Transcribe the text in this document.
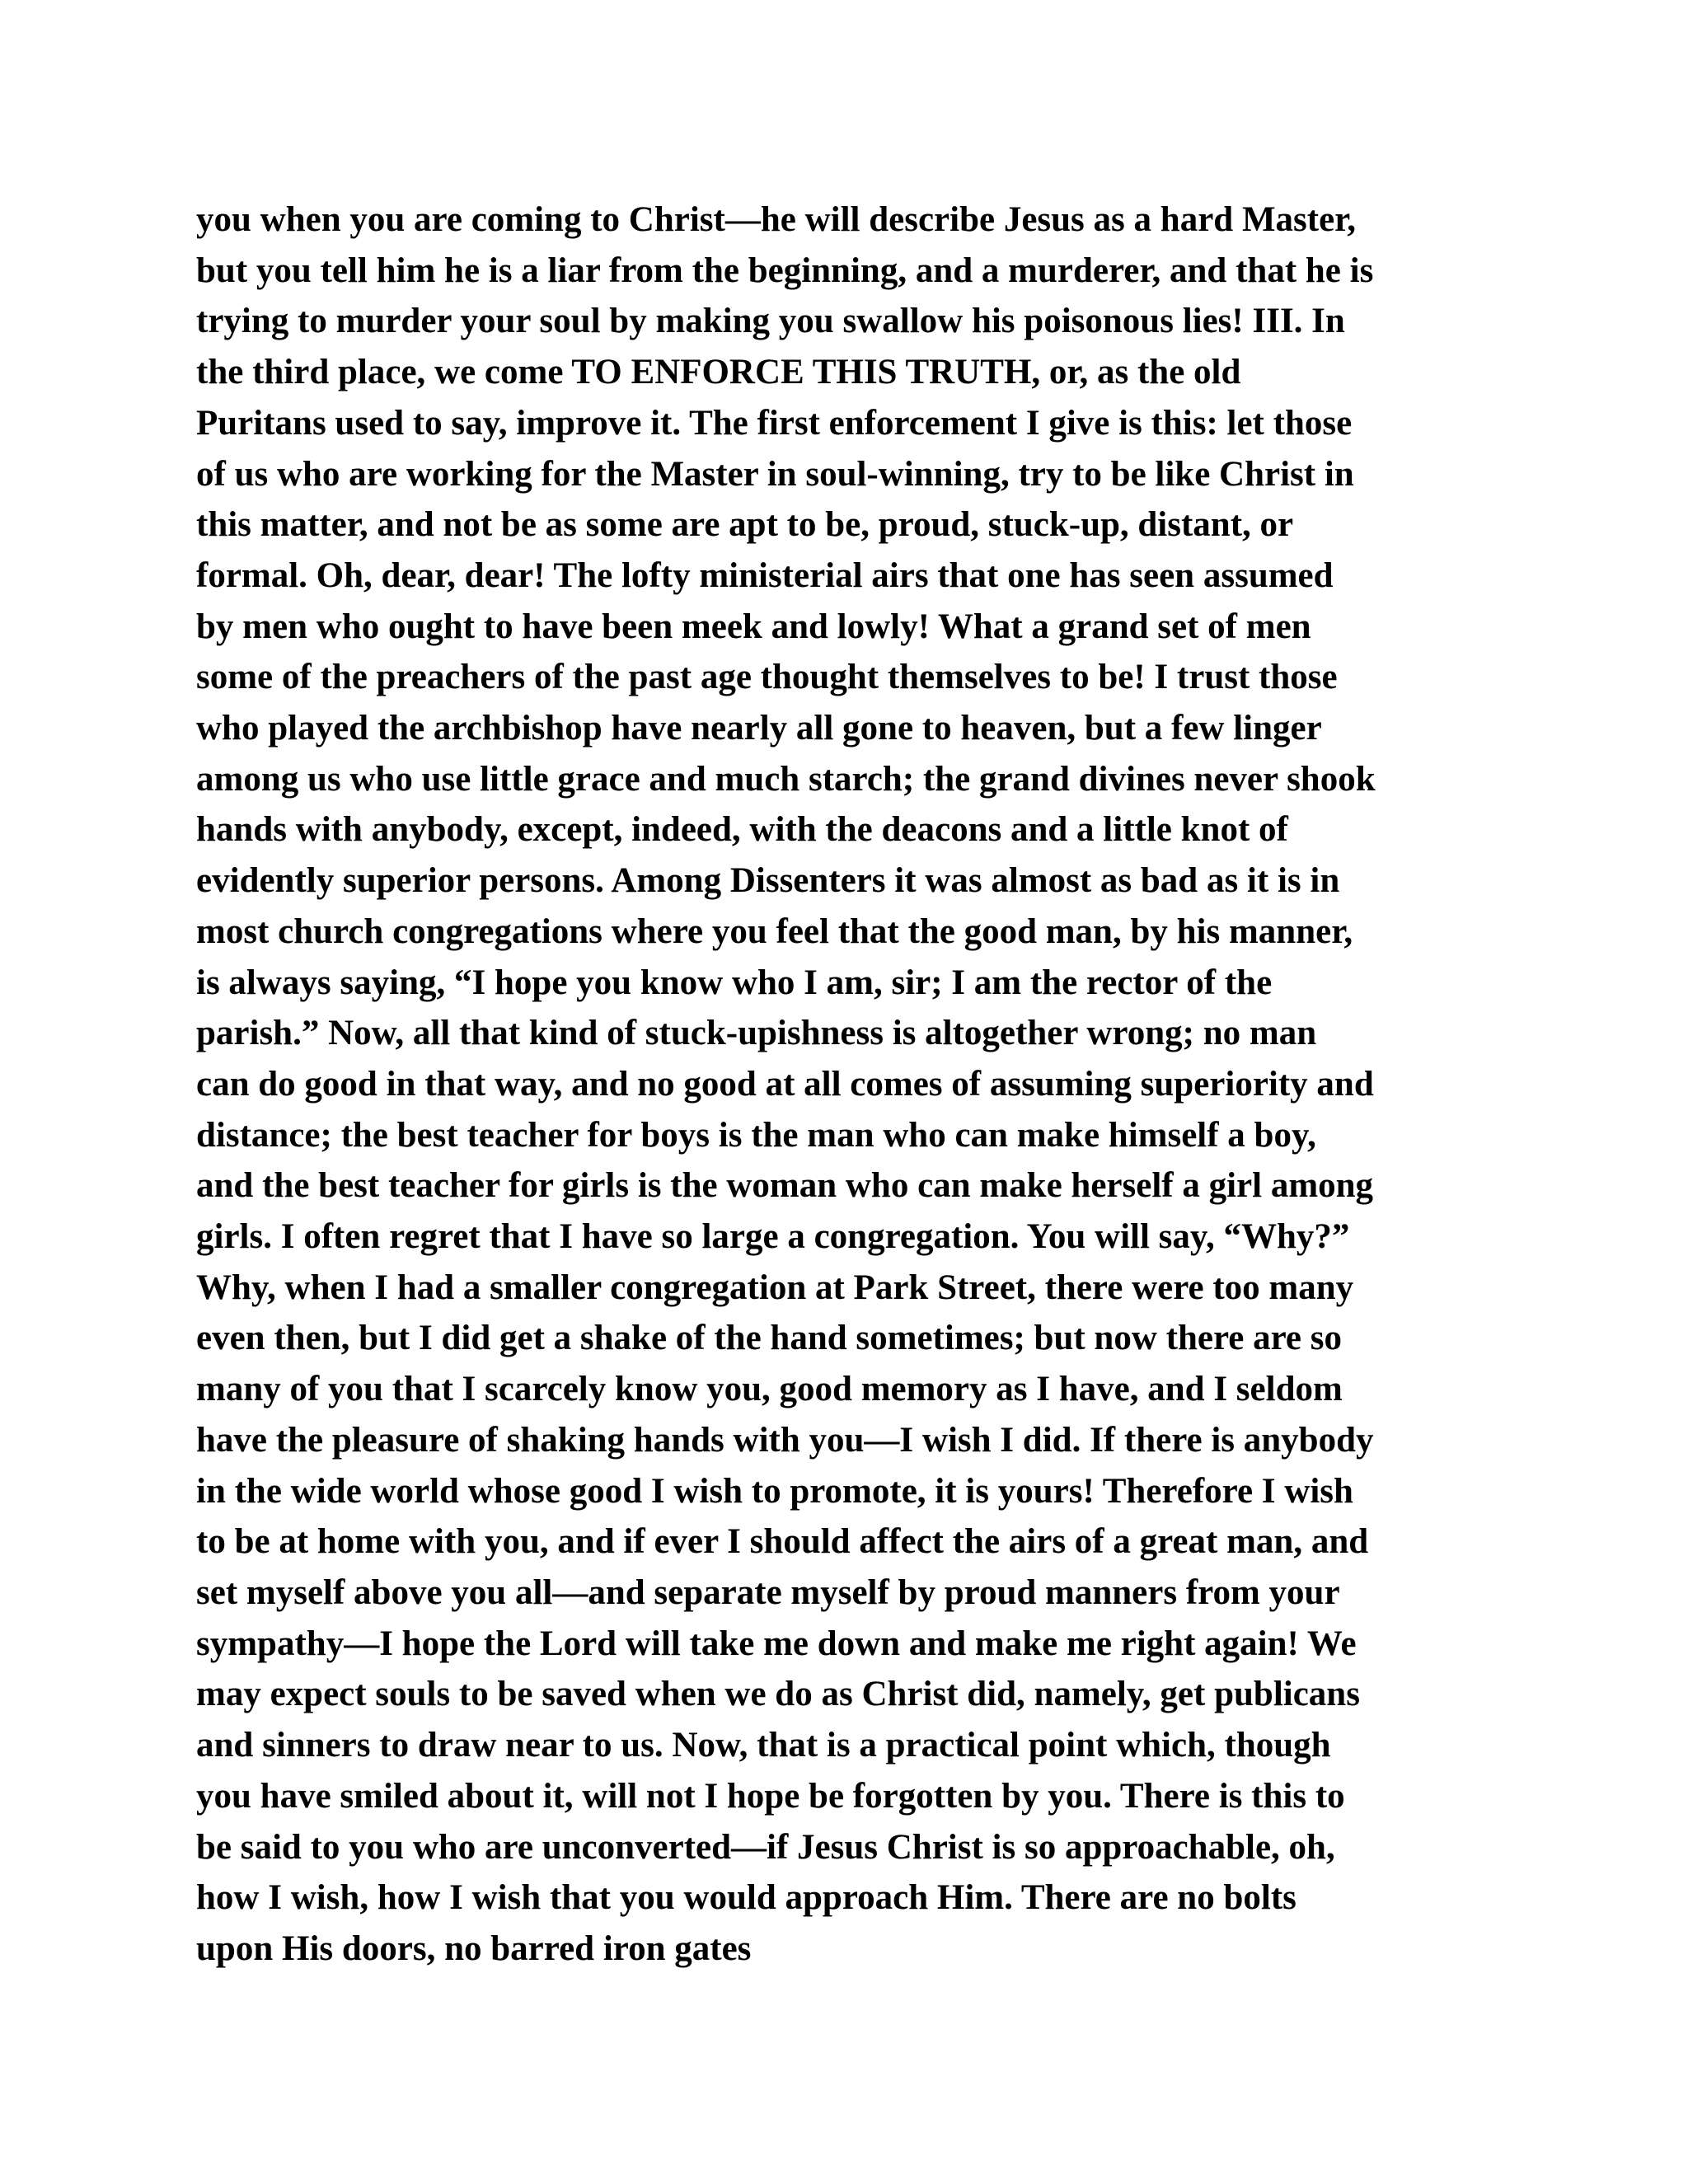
you when you are coming to Christ—he will describe Jesus as a hard Master,
but you tell him he is a liar from the beginning, and a murderer, and that he is
trying to murder your soul by making you swallow his poisonous lies! III. In
the third place, we come TO ENFORCE THIS TRUTH, or, as the old
Puritans used to say, improve it. The first enforcement I give is this: let those
of us who are working for the Master in soul-winning, try to be like Christ in
this matter, and not be as some are apt to be, proud, stuck-up, distant, or
formal. Oh, dear, dear! The lofty ministerial airs that one has seen assumed
by men who ought to have been meek and lowly! What a grand set of men
some of the preachers of the past age thought themselves to be! I trust those
who played the archbishop have nearly all gone to heaven, but a few linger
among us who use little grace and much starch; the grand divines never shook
hands with anybody, except, indeed, with the deacons and a little knot of
evidently superior persons. Among Dissenters it was almost as bad as it is in
most church congregations where you feel that the good man, by his manner,
is always saying, “I hope you know who I am, sir; I am the rector of the
parish.” Now, all that kind of stuck-upishness is altogether wrong; no man
can do good in that way, and no good at all comes of assuming superiority and
distance; the best teacher for boys is the man who can make himself a boy,
and the best teacher for girls is the woman who can make herself a girl among
girls. I often regret that I have so large a congregation. You will say, “Why?”
Why, when I had a smaller congregation at Park Street, there were too many
even then, but I did get a shake of the hand sometimes; but now there are so
many of you that I scarcely know you, good memory as I have, and I seldom
have the pleasure of shaking hands with you—I wish I did. If there is anybody
in the wide world whose good I wish to promote, it is yours! Therefore I wish
to be at home with you, and if ever I should affect the airs of a great man, and
set myself above you all—and separate myself by proud manners from your
sympathy—I hope the Lord will take me down and make me right again! We
may expect souls to be saved when we do as Christ did, namely, get publicans
and sinners to draw near to us. Now, that is a practical point which, though
you have smiled about it, will not I hope be forgotten by you. There is this to
be said to you who are unconverted—if Jesus Christ is so approachable, oh,
how I wish, how I wish that you would approach Him. There are no bolts
upon His doors, no barred iron gates
